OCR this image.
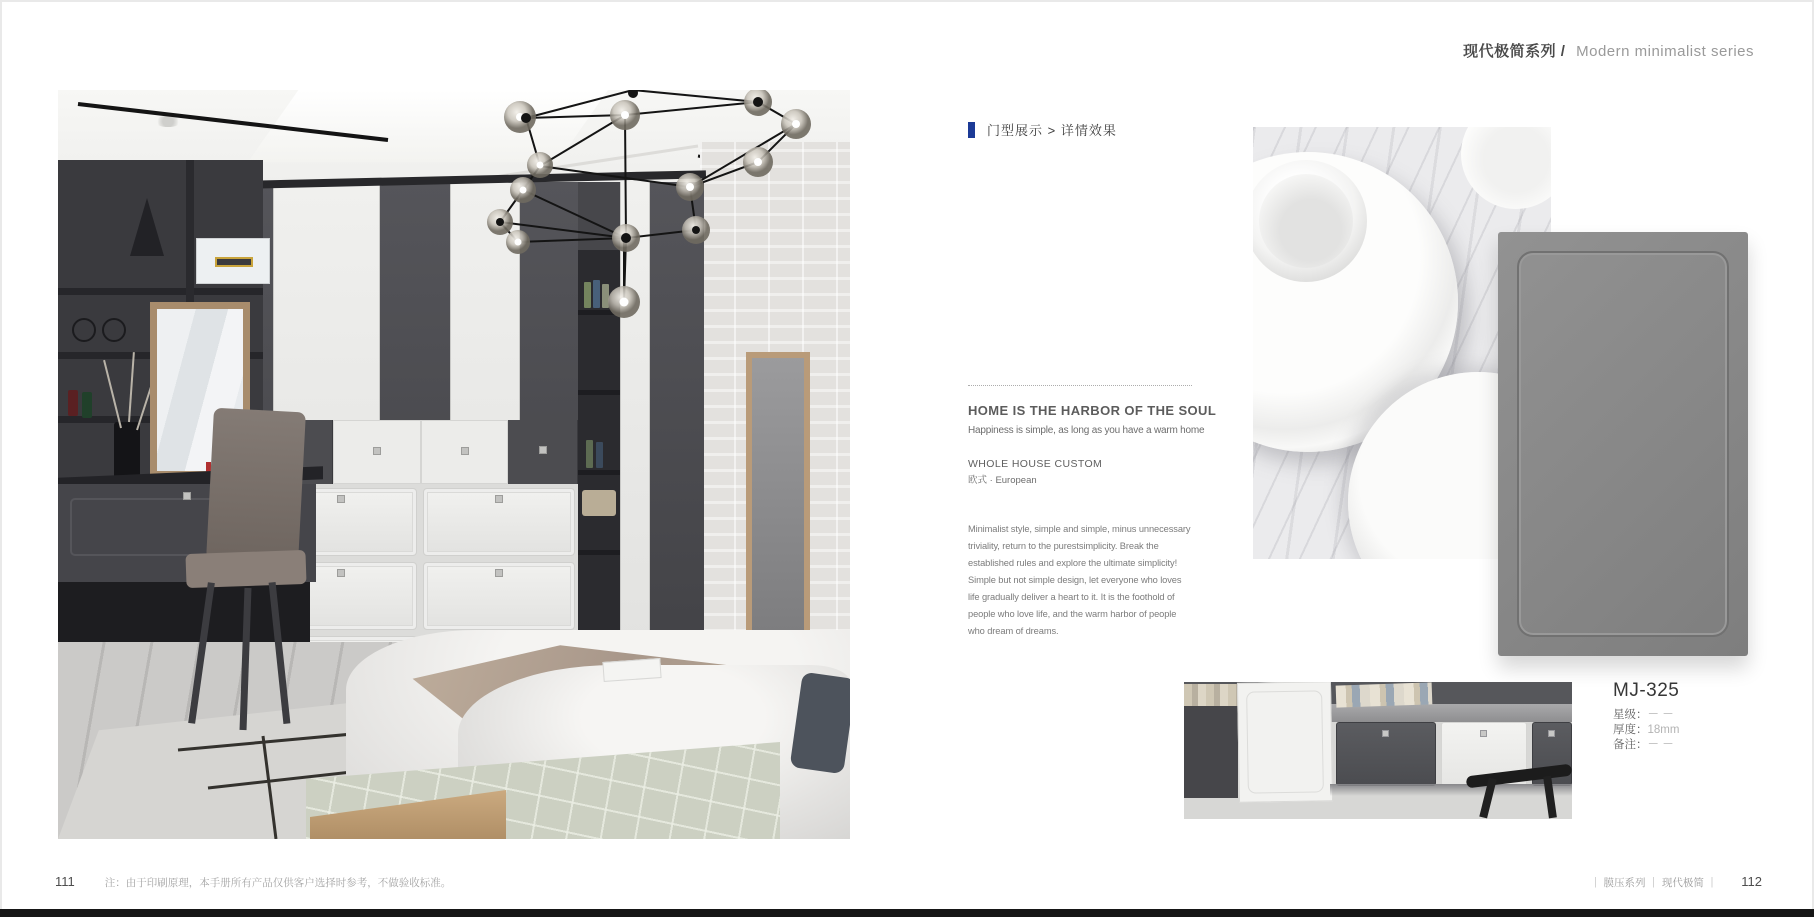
现代极简系列 / Modern minimalist series
门型展示 > 详情效果
HOME IS THE HARBOR OF THE SOUL
Happiness is simple, as long as you have a warm home
WHOLE HOUSE CUSTOM
欧式 · European
Minimalist style, simple and simple, minus unnecessary triviality, return to the purestsimplicity. Break the established rules and explore the ultimate simplicity! Simple but not simple design, let everyone who loves life gradually deliver a heart to it. It is the foothold of people who love life, and the warm harbor of people who dream of dreams.
MJ-325
星级：－ －
厚度：18mm
备注：－ －
111	注：由于印刷原理，本手册所有产品仅供客户选择时参考，不做验收标准。	｜ 膜压系列 ｜ 现代极简 ｜ 112
